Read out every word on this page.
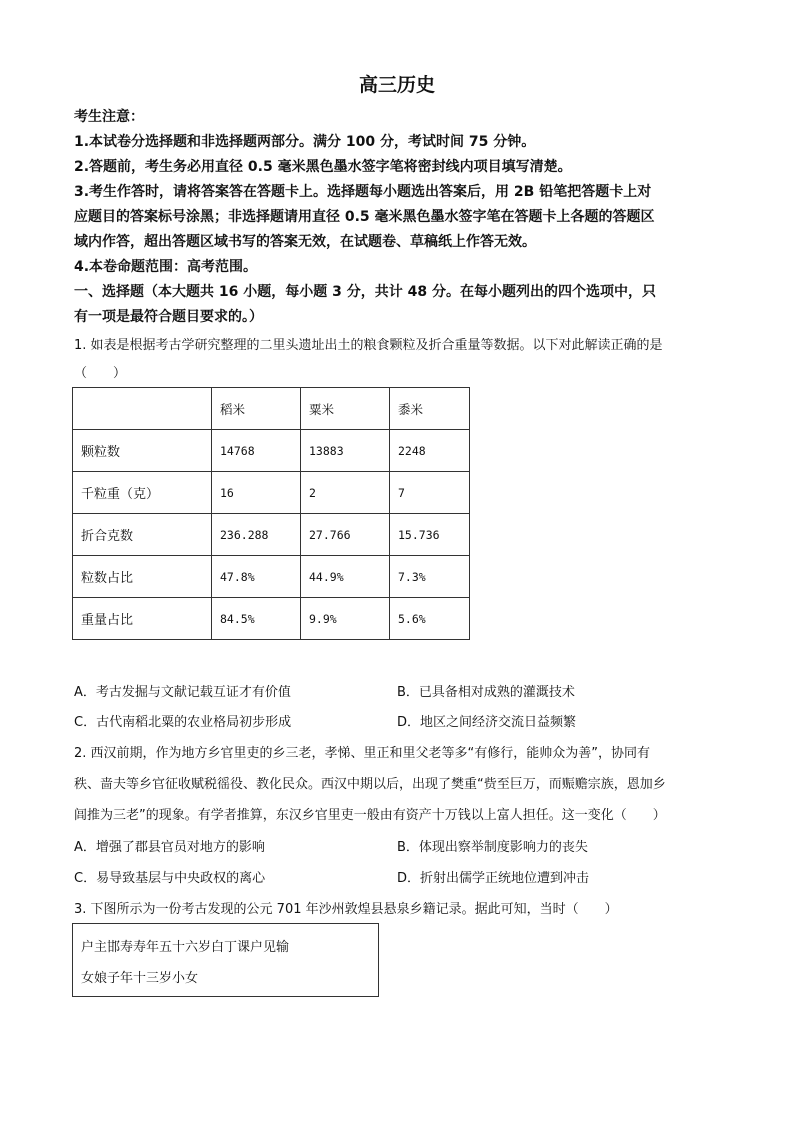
高三历史
考生注意：
1.本试卷分选择题和非选择题两部分。满分 100 分，考试时间 75 分钟。
2.答题前，考生务必用直径 0.5 毫米黑色墨水签字笔将密封线内项目填写清楚。
3.考生作答时，请将答案答在答题卡上。选择题每小题选出答案后，用 2B 铅笔把答题卡上对
应题目的答案标号涂黑；非选择题请用直径 0.5 毫米黑色墨水签字笔在答题卡上各题的答题区
域内作答，超出答题区域书写的答案无效，在试题卷、草稿纸上作答无效。
4.本卷命题范围：高考范围。
一、选择题（本大题共 16 小题，每小题 3 分，共计 48 分。在每小题列出的四个选项中，只
有一项是最符合题目要求的。）
1. 如表是根据考古学研究整理的二里头遗址出土的粮食颗粒及折合重量等数据。以下对此解读正确的是
（　　）
	稻米	粟米	黍米
颗粒数	14768	13883	2248
千粒重（克）	16	2	7
折合克数	236.288	27.766	15.736
粒数占比	47.8%	44.9%	7.3%
重量占比	84.5%	9.9%	5.6%
A．考古发掘与文献记载互证才有价值	B．已具备相对成熟的灌溉技术
C．古代南稻北粟的农业格局初步形成	D．地区之间经济交流日益频繁
2. 西汉前期，作为地方乡官里吏的乡三老，孝悌、里正和里父老等多“有修行，能帅众为善”，协同有
秩、啬夫等乡官征收赋税徭役、教化民众。西汉中期以后，出现了樊重“赀至巨万，而赈赡宗族，恩加乡
闾推为三老”的现象。有学者推算，东汉乡官里吏一般由有资产十万钱以上富人担任。这一变化（　　）
A．增强了郡县官员对地方的影响	B．体现出察举制度影响力的丧失
C．易导致基层与中央政权的离心	D．折射出儒学正统地位遭到冲击
3. 下图所示为一份考古发现的公元 701 年沙州敦煌县悬泉乡籍记录。据此可知，当时（　　）
户主邯寿寿年五十六岁白丁课户见输
女娘子年十三岁小女
